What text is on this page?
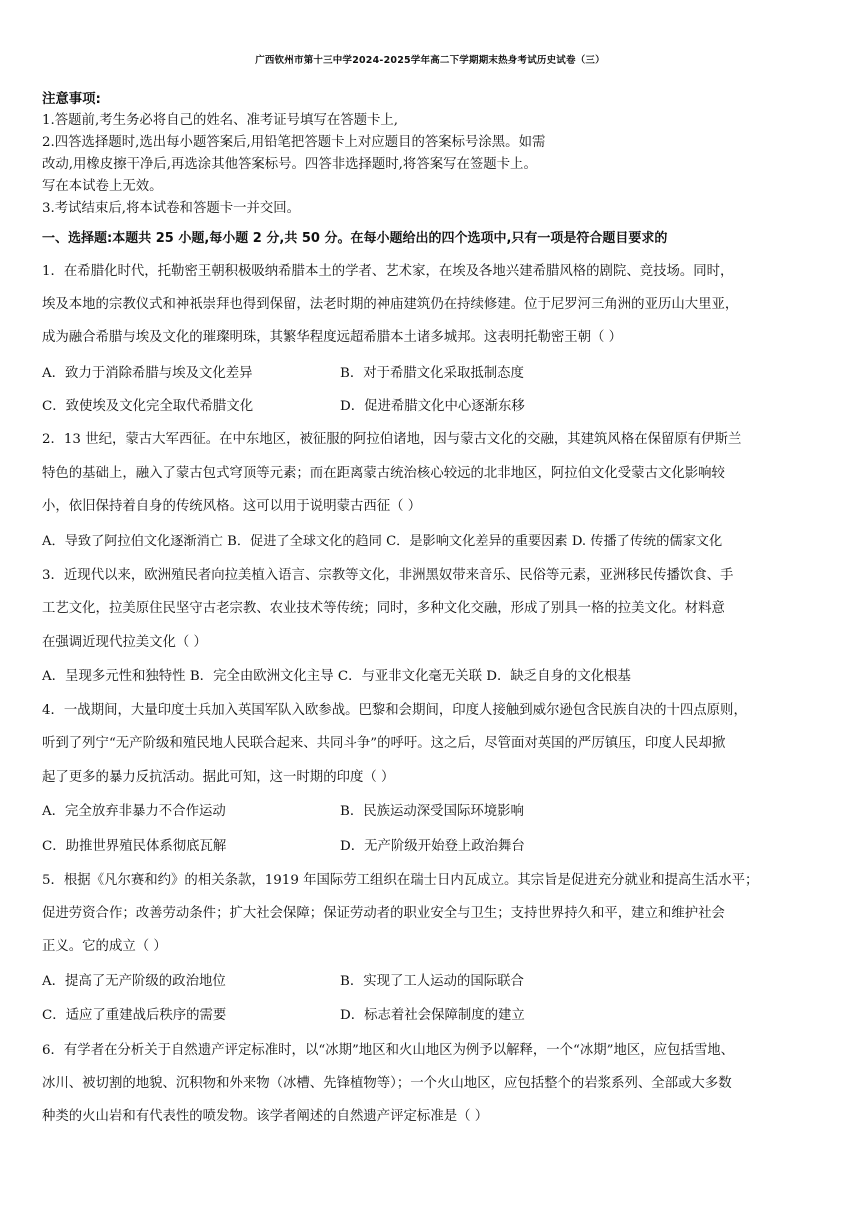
广西钦州市第十三中学2024-2025学年高二下学期期末热身考试历史试卷（三）
注意事项:
1.答题前,考生务必将自己的姓名、准考证号填写在答题卡上,
2.四答选择题时,选出每小题答案后,用铅笔把答题卡上对应题目的答案标号涂黑。如需
改动,用橡皮擦干净后,再选涂其他答案标号。四答非选择题时,将答案写在签题卡上。
写在本试卷上无效。
3.考试结束后,将本试卷和答题卡一并交回。
一、选择题:本题共 25 小题,每小题 2 分,共 50 分。在每小题给出的四个选项中,只有一项是符合题目要求的
1．在希腊化时代，托勒密王朝积极吸纳希腊本土的学者、艺术家，在埃及各地兴建希腊风格的剧院、竞技场。同时，
埃及本地的宗教仪式和神祇崇拜也得到保留，法老时期的神庙建筑仍在持续修建。位于尼罗河三角洲的亚历山大里亚，
成为融合希腊与埃及文化的璀璨明珠，其繁华程度远超希腊本土诸多城邦。这表明托勒密王朝（ ）
A．致力于消除希腊与埃及文化差异	B．对于希腊文化采取抵制态度
C．致使埃及文化完全取代希腊文化	D．促进希腊文化中心逐渐东移
2．13 世纪，蒙古大军西征。在中东地区，被征服的阿拉伯诸地，因与蒙古文化的交融，其建筑风格在保留原有伊斯兰
特色的基础上，融入了蒙古包式穹顶等元素；而在距离蒙古统治核心较远的北非地区，阿拉伯文化受蒙古文化影响较
小，依旧保持着自身的传统风格。这可以用于说明蒙古西征（ ）
A．导致了阿拉伯文化逐渐消亡 B．促进了全球文化的趋同 C．是影响文化差异的重要因素 D. 传播了传统的儒家文化
3．近现代以来，欧洲殖民者向拉美植入语言、宗教等文化，非洲黑奴带来音乐、民俗等元素，亚洲移民传播饮食、手
工艺文化，拉美原住民坚守古老宗教、农业技术等传统；同时，多种文化交融，形成了别具一格的拉美文化。材料意
在强调近现代拉美文化（ ）
A．呈现多元性和独特性 B．完全由欧洲文化主导 C．与亚非文化毫无关联 D．缺乏自身的文化根基
4．一战期间，大量印度士兵加入英国军队入欧参战。巴黎和会期间，印度人接触到威尔逊包含民族自决的十四点原则，
听到了列宁“无产阶级和殖民地人民联合起来、共同斗争”的呼吁。这之后，尽管面对英国的严厉镇压，印度人民却掀
起了更多的暴力反抗活动。据此可知，这一时期的印度（ ）
A．完全放弃非暴力不合作运动	B．民族运动深受国际环境影响
C．助推世界殖民体系彻底瓦解	D．无产阶级开始登上政治舞台
5．根据《凡尔赛和约》的相关条款，1919 年国际劳工组织在瑞士日内瓦成立。其宗旨是促进充分就业和提高生活水平；
促进劳资合作；改善劳动条件；扩大社会保障；保证劳动者的职业安全与卫生；支持世界持久和平，建立和维护社会
正义。它的成立（ ）
A．提高了无产阶级的政治地位	B．实现了工人运动的国际联合
C．适应了重建战后秩序的需要	D．标志着社会保障制度的建立
6．有学者在分析关于自然遗产评定标准时，以“冰期”地区和火山地区为例予以解释，一个“冰期”地区，应包括雪地、
冰川、被切割的地貌、沉积物和外来物（冰槽、先锋植物等）；一个火山地区，应包括整个的岩浆系列、全部或大多数
种类的火山岩和有代表性的喷发物。该学者阐述的自然遗产评定标准是（ ）
